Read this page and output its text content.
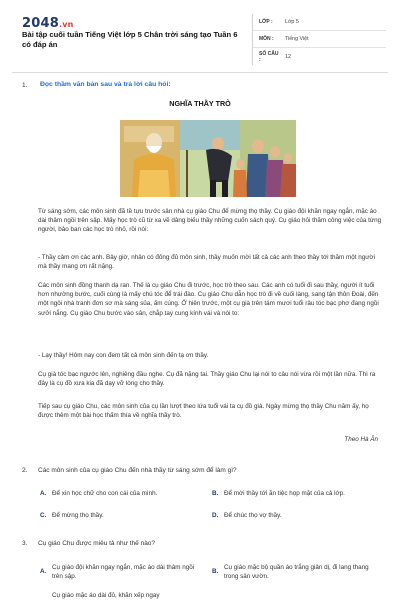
2048.vn
Bài tập cuối tuần Tiếng Việt lớp 5 Chân trời sáng tạo Tuần 6 có đáp án
LỚP :	Lớp 5
MÔN :	Tiếng Việt
SỐ CÂU :	12
1. Đọc thầm văn bản sau và trả lời câu hỏi:
NGHĨA THẦY TRÒ
Từ sáng sớm, các môn sinh đã tề tựu trước sân nhà cụ giáo Chu để mừng thọ thầy. Cụ giáo đội khăn ngay ngắn, mặc áo dài thâm ngồi trên sập. Mấy học trò cũ từ xa về dâng biếu thầy những cuốn sách quý. Cụ giáo hỏi thăm công việc của từng người, bảo ban các học trò nhỏ, rồi nói:
- Thầy cảm ơn các anh. Bây giờ, nhân có đông đủ môn sinh, thầy muốn mời tất cả các anh theo thầy tới thăm một người mà thầy mang ơn rất nặng.
Các môn sinh đồng thanh dạ ran. Thế là cụ giáo Chu đi trước, học trò theo sau. Các anh có tuổi đi sau thầy, người ít tuổi hơn nhường bước, cuối cùng là mấy chú tóc để trái đào. Cụ giáo Chu dẫn học trò đi về cuối làng, sang tận thôn Đoài, đến một ngôi nhà tranh đơn sơ mà sáng sủa, ấm cúng. Ở hiên trước, một cụ già trên tám mươi tuổi râu tóc bạc phơ đang ngồi sưởi nắng. Cụ giáo Chu bước vào sân, chắp tay cung kính vái và nói to:
- Lạy thầy! Hôm nay con đem tất cả môn sinh đến tạ ơn thầy.
Cụ già tóc bạc ngước lên, nghiêng đầu nghe. Cụ đã nặng tai. Thầy giáo Chu lại nói to câu nói vừa rồi một lần nữa. Thì ra đây là cụ đồ xưa kia đã dạy vỡ lòng cho thầy.
Tiếp sau cụ giáo Chu, các môn sinh của cụ lần lượt theo lứa tuổi vái ta cụ đồ già. Ngày mừng thọ thầy Chu năm ấy, họ được thêm một bài học thấm thía về nghĩa thầy trò.
Theo Hà Ân
2. Các môn sinh của cụ giáo Chu đến nhà thầy từ sáng sớm để làm gì?
A. Để xin học chữ cho con cái của mình.	B. Để mời thầy tới ăn tiệc họp mặt của cả lớp.
C. Để mừng thọ thầy.	D. Để chúc thọ vợ thầy.
3. Cụ giáo Chu được miêu tả như thế nào?
A.
Cụ giáo đội khăn ngay ngắn, mặc áo dài thâm ngồi trên sập.
B.
Cụ giáo mặc bộ quần áo trắng giản dị, đi lang thang trong sân vườn.
Cụ giáo mặc áo dài đỏ, khăn xếp ngay
